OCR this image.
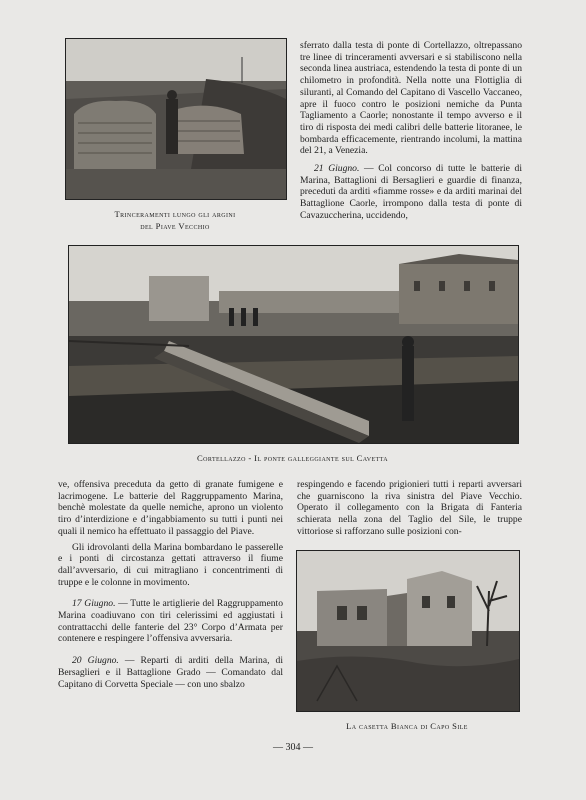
Trinceramenti lungo gli argini
del Piave Vecchio

sferrato dalla testa di ponte di Cortellazzo, oltrepassano tre linee di trinceramenti avversari e si stabiliscono nella seconda linea austriaca, estendendo la testa di ponte di un chilometro in profondità. Nella notte una Flottiglia di siluranti, al Comando del Capitano di Vascello Vaccaneo, apre il fuoco contro le posizioni nemiche da Punta Tagliamento a Caorle; nonostante il tempo avverso e il tiro di risposta dei medi calibri delle batterie litoranee, le bombarda efficacemente, rientrando incolumi, la mattina del 21, a Venezia.

21 Giugno. — Col concorso di tutte le batterie di Marina, Battaglioni di Bersaglieri e guardie di finanza, preceduti da arditi «fiamme rosse» e da arditi marinai del Battaglione Caorle, irrompono dalla testa di ponte di Cavazuccherina, uccidendo,

Cortellazzo - Il ponte galleggiante sul Cavetta

ve, offensiva preceduta da getto di granate fumigene e lacrimogene. Le batterie del Raggruppamento Marina, benchè molestate da quelle nemiche, aprono un violento tiro d’interdizione e d’ingabbiamento su tutti i punti nei quali il nemico ha effettuato il passaggio del Piave.

Gli idrovolanti della Marina bombardano le passerelle e i ponti di circostanza gettati attraverso il fiume dall’avversario, di cui mitragliano i concentrimenti di truppe e le colonne in movimento.

17 Giugno. — Tutte le artiglierie del Raggruppamento Marina coadiuvano con tiri celerissimi ed aggiustati i contrattacchi delle fanterie del 23° Corpo d’Armata per contenere e respingere l’offensiva avversaria.

20 Giugno. — Reparti di arditi della Marina, di Bersaglieri e il Battaglione Grado — Comandato dal Capitano di Corvetta Speciale — con uno sbalzo

respingendo e facendo prigionieri tutti i reparti avversari che guarniscono la riva sinistra del Piave Vecchio. Operato il collegamento con la Brigata di Fanteria schierata nella zona del Taglio del Sile, le truppe vittoriose si rafforzano sulle posizioni con-

La casetta Bianca di Capo Sile
— 304 —
